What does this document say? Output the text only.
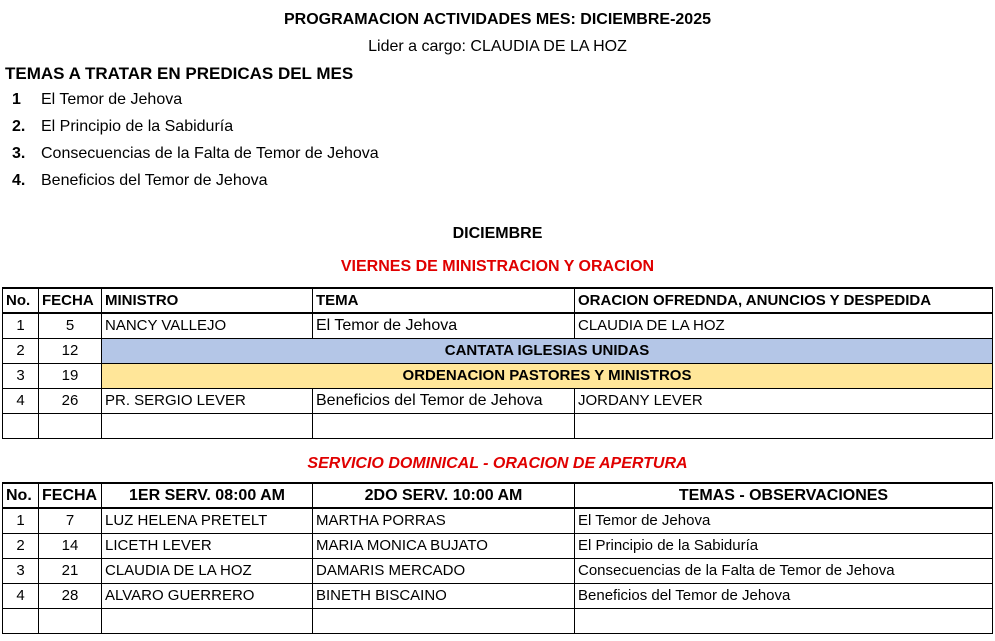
PROGRAMACION ACTIVIDADES MES: DICIEMBRE-2025
Lider a cargo: CLAUDIA DE LA HOZ
TEMAS A TRATAR EN PREDICAS DEL MES
1 El Temor de Jehova
2. El Principio de la Sabiduría
3. Consecuencias de la Falta de Temor de Jehova
4. Beneficios del Temor de Jehova
DICIEMBRE
VIERNES DE MINISTRACION Y ORACION
No.	FECHA	MINISTRO	TEMA	ORACION OFREDNDA, ANUNCIOS Y DESPEDIDA
1	5	NANCY VALLEJO	El Temor de Jehova	CLAUDIA DE LA HOZ
2	12	CANTATA IGLESIAS UNIDAS		
3	19	ORDENACION PASTORES Y MINISTROS		
4	26	PR. SERGIO LEVER	Beneficios del Temor de Jehova	JORDANY LEVER

SERVICIO DOMINICAL - ORACION DE APERTURA
No.	FECHA	1ER SERV. 08:00 AM	2DO SERV. 10:00 AM	TEMAS - OBSERVACIONES
1	7	LUZ HELENA PRETELT	MARTHA PORRAS	El Temor de Jehova
2	14	LICETH LEVER	MARIA MONICA BUJATO	El Principio de la Sabiduría
3	21	CLAUDIA DE LA HOZ	DAMARIS MERCADO	Consecuencias de la Falta de Temor de Jehova
4	28	ALVARO GUERRERO	BINETH BISCAINO	Beneficios del Temor de Jehova
